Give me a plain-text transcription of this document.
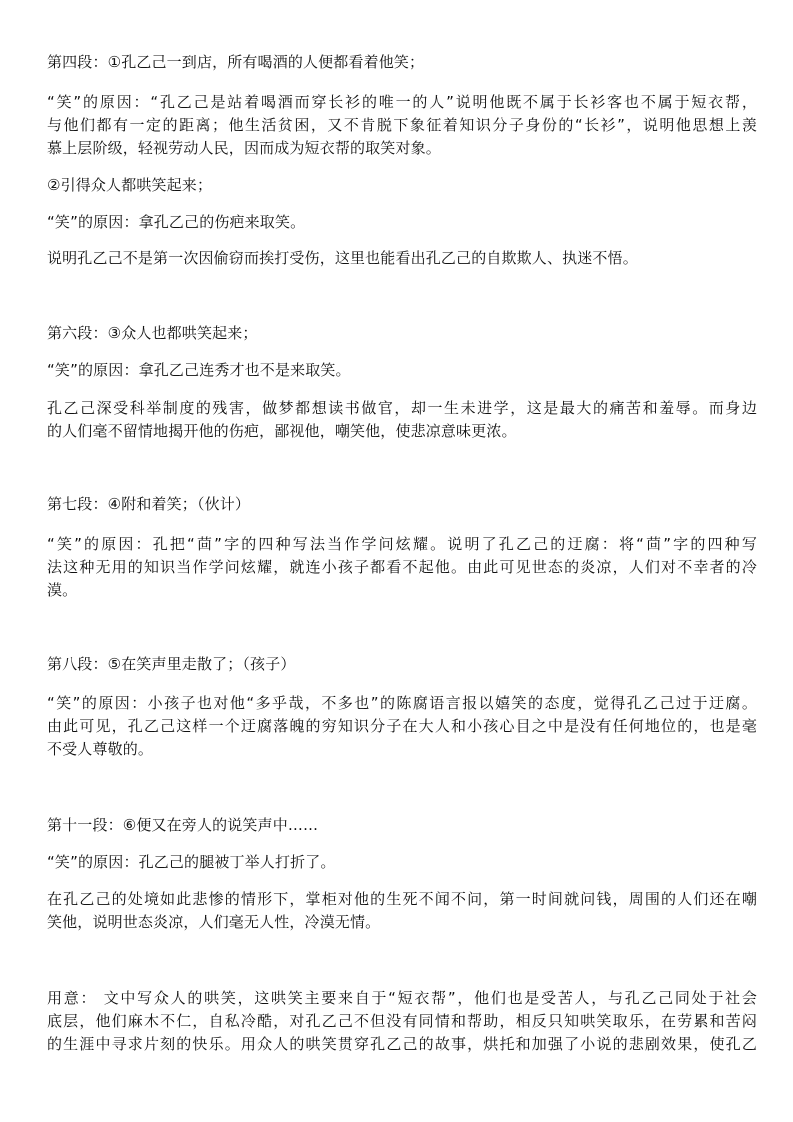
第四段：①孔乙己一到店，所有喝酒的人便都看着他笑；
“笑”的原因：“孔乙己是站着喝酒而穿长衫的唯一的人”说明他既不属于长衫客也不属于短衣帮，
与他们都有一定的距离；他生活贫困，又不肯脱下象征着知识分子身份的“长衫”，说明他思想上羡
慕上层阶级，轻视劳动人民，因而成为短衣帮的取笑对象。
②引得众人都哄笑起来；
“笑”的原因：拿孔乙己的伤疤来取笑。
说明孔乙己不是第一次因偷窃而挨打受伤，这里也能看出孔乙己的自欺欺人、执迷不悟。
第六段：③众人也都哄笑起来；
“笑”的原因：拿孔乙己连秀才也不是来取笑。
孔乙己深受科举制度的残害，做梦都想读书做官，却一生未进学，这是最大的痛苦和羞辱。而身边
的人们毫不留情地揭开他的伤疤，鄙视他，嘲笑他，使悲凉意味更浓。
第七段：④附和着笑；（伙计）
“笑”的原因：孔把“茴”字的四种写法当作学问炫耀。说明了孔乙己的迂腐：将“茴”字的四种写
法这种无用的知识当作学问炫耀，就连小孩子都看不起他。由此可见世态的炎凉，人们对不幸者的冷
漠。
第八段：⑤在笑声里走散了；（孩子）
“笑”的原因：小孩子也对他“多乎哉，不多也”的陈腐语言报以嬉笑的态度，觉得孔乙己过于迂腐。
由此可见，孔乙己这样一个迂腐落魄的穷知识分子在大人和小孩心目之中是没有任何地位的，也是毫
不受人尊敬的。
第十一段：⑥便又在旁人的说笑声中……
“笑”的原因：孔乙己的腿被丁举人打折了。
在孔乙己的处境如此悲惨的情形下，掌柜对他的生死不闻不问，第一时间就问钱，周围的人们还在嘲
笑他，说明世态炎凉，人们毫无人性，冷漠无情。
用意： 文中写众人的哄笑，这哄笑主要来自于“短衣帮”，他们也是受苦人，与孔乙己同处于社会
底层，他们麻木不仁，自私冷酷，对孔乙己不但没有同情和帮助，相反只知哄笑取乐，在劳累和苦闷
的生涯中寻求片刻的快乐。用众人的哄笑贯穿孔乙己的故事，烘托和加强了小说的悲剧效果，使孔乙
